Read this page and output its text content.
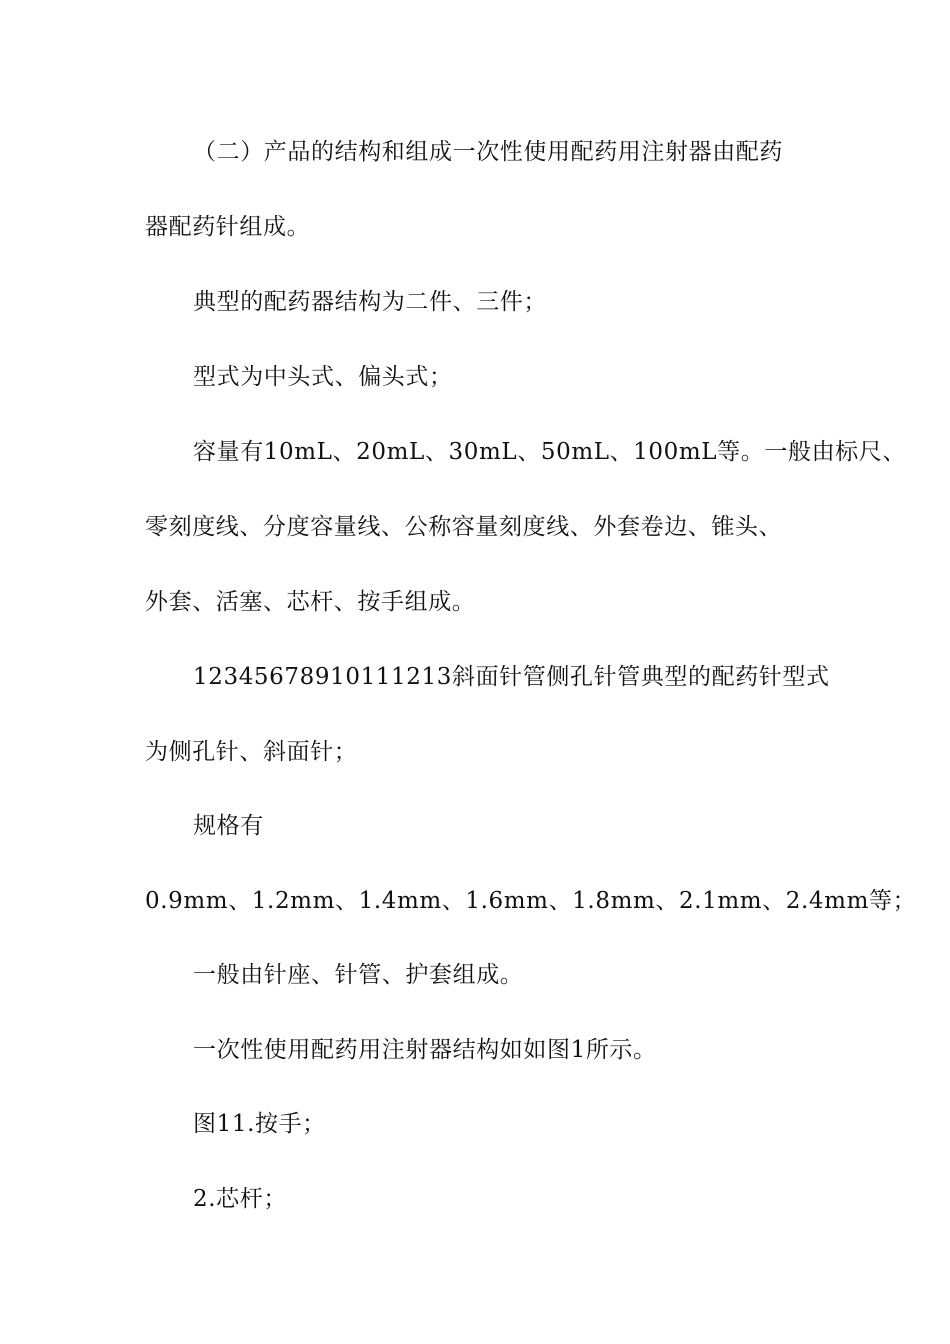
（二）产品的结构和组成一次性使用配药用注射器由配药
器配药针组成。
典型的配药器结构为二件、三件；
型式为中头式、偏头式；
容量有10mL、20mL、30mL、50mL、100mL等。一般由标尺、
零刻度线、分度容量线、公称容量刻度线、外套卷边、锥头、
外套、活塞、芯杆、按手组成。
12345678910111213斜面针管侧孔针管典型的配药针型式
为侧孔针、斜面针；
规格有
0.9mm、1.2mm、1.4mm、1.6mm、1.8mm、2.1mm、2.4mm等；
一般由针座、针管、护套组成。
一次性使用配药用注射器结构如如图1所示。
图11.按手；
2.芯杆；
